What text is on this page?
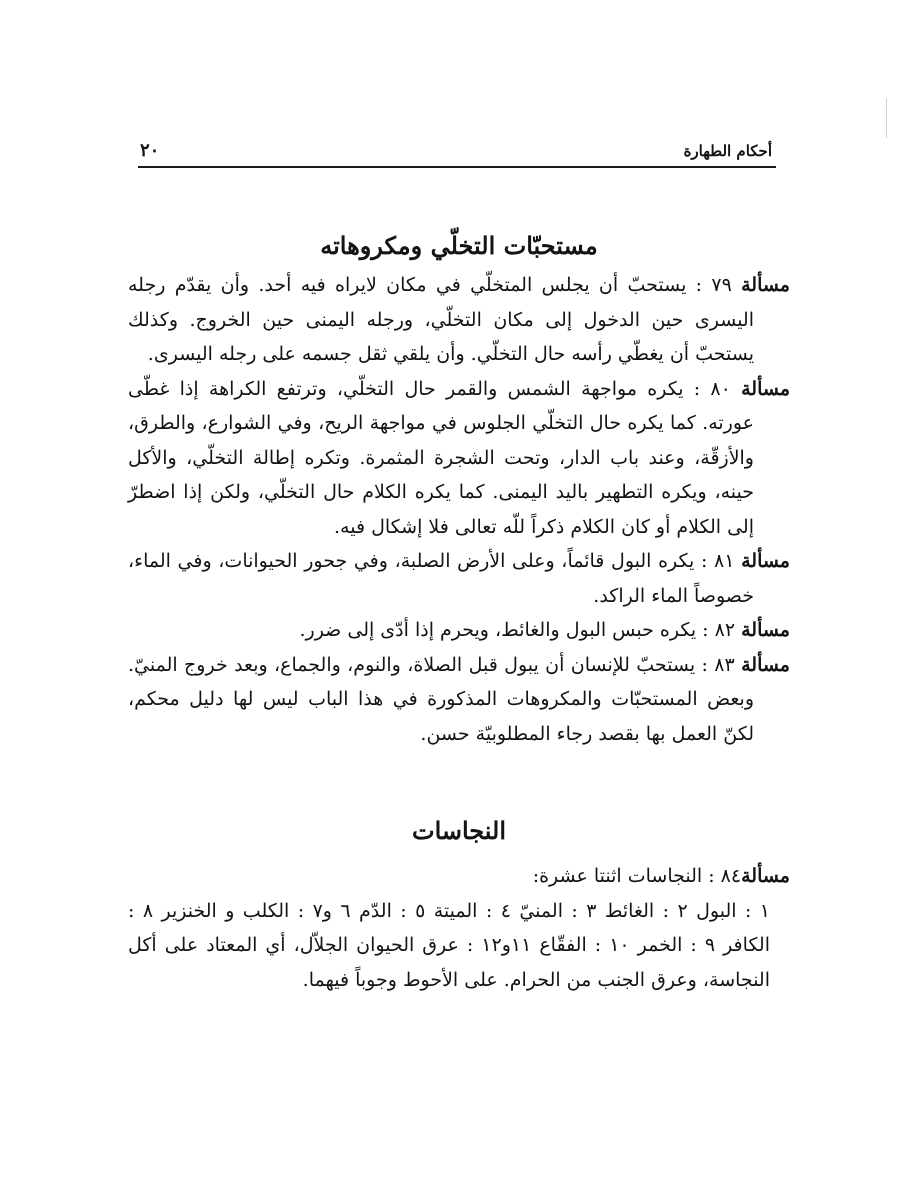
أحكام الطهارة
٢٠
مستحبّات التخلّي ومكروهاته

مسألة ٧٩ : يستحبّ أن يجلس المتخلّي في مكان لايراه فيه أحد. وأن يقدّم رجله اليسرى حين الدخول إلى مكان التخلّي، ورجله اليمنى حين الخروج. وكذلك يستحبّ أن يغطّي رأسه حال التخلّي. وأن يلقي ثقل جسمه على رجله اليسرى.

مسألة ٨٠ : يكره مواجهة الشمس والقمر حال التخلّي، وترتفع الكراهة إذا غطّى عورته. كما يكره حال التخلّي الجلوس في مواجهة الريح، وفي الشوارع، والطرق، والأزقّة، وعند باب الدار، وتحت الشجرة المثمرة. وتكره إطالة التخلّي، والأكل حينه، ويكره التطهير باليد اليمنى. كما يكره الكلام حال التخلّي، ولكن إذا اضطرّ إلى الكلام أو كان الكلام ذكراً للّه تعالى فلا إشكال فيه.

مسألة ٨١ : يكره البول قائماً، وعلى الأرض الصلبة، وفي جحور الحيوانات، وفي الماء، خصوصاً الماء الراكد.

مسألة ٨٢ : يكره حبس البول والغائط، ويحرم إذا أدّى إلى ضرر.

مسألة ٨٣ : يستحبّ للإنسان أن يبول قبل الصلاة، والنوم، والجماع، وبعد خروج المنيّ. وبعض المستحبّات والمكروهات المذكورة في هذا الباب ليس لها دليل محكم، لكنّ العمل بها بقصد رجاء المطلوبيّة حسن.

النجاسات

مسألة٨٤ : النجاسات اثنتا عشرة:

١ : البول ٢ : الغائط ٣ : المنيّ ٤ : الميتة ٥ : الدّم ٦ و٧ : الكلب و الخنزير ٨ : الكافر ٩ : الخمر ١٠ : الفقّاع ١١و١٢ : عرق الحيوان الجلاّل، أي المعتاد على أكل النجاسة، وعرق الجنب من الحرام. على الأحوط وجوباً فيهما.
